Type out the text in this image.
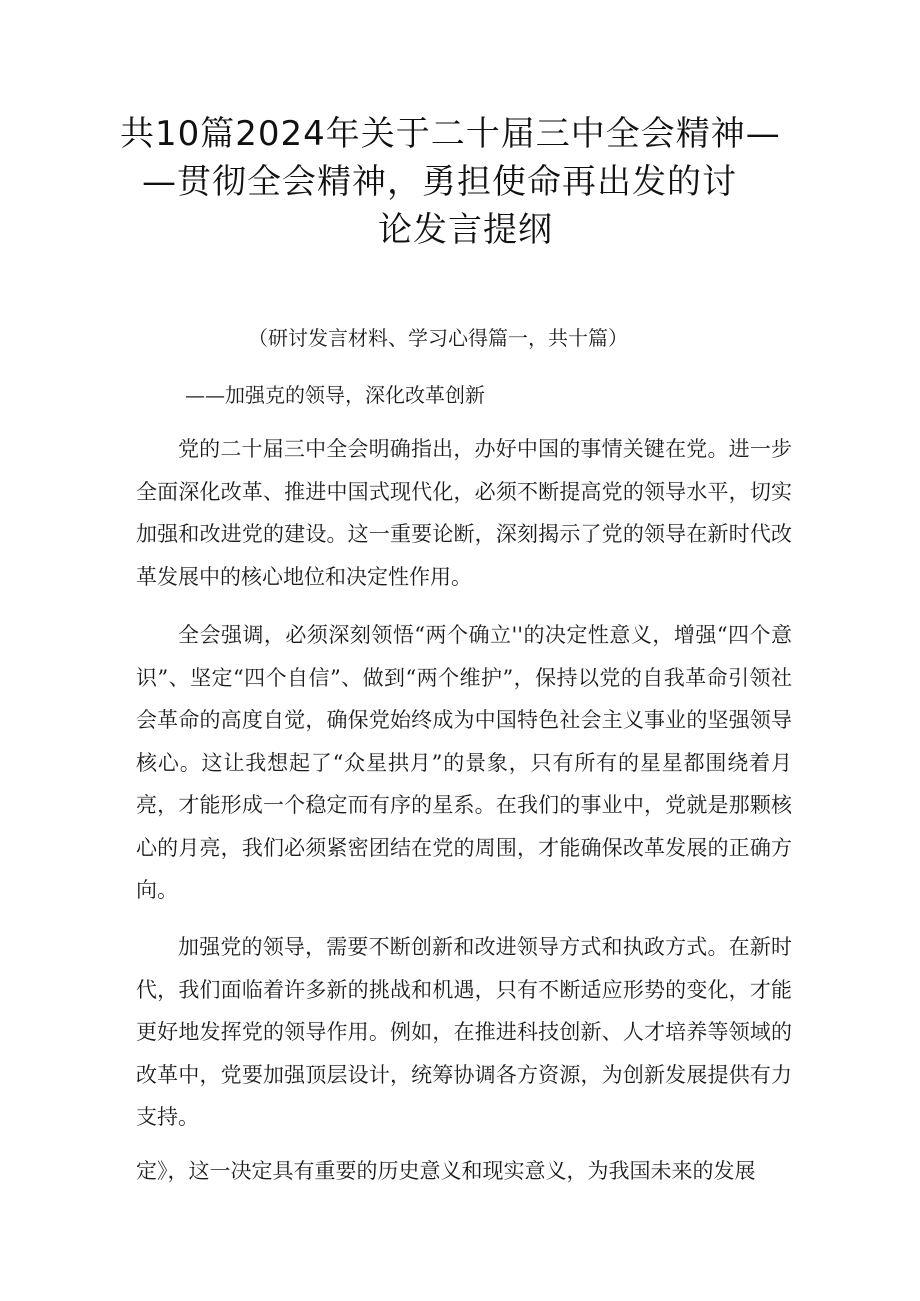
共10篇2024年关于二十届三中全会精神—
—贯彻全会精神，勇担使命再出发的讨
论发言提纲
（研讨发言材料、学习心得篇一，共十篇）
——加强克的领导，深化改革创新

党的二十届三中全会明确指出，办好中国的事情关键在党。进一步全面深化改革、推进中国式现代化，必须不断提高党的领导水平，切实加强和改进党的建设。这一重要论断，深刻揭示了党的领导在新时代改革发展中的核心地位和决定性作用。

全会强调，必须深刻领悟“两个确立''的决定性意义，增强“四个意识”、坚定“四个自信”、做到“两个维护”，保持以党的自我革命引领社会革命的高度自觉，确保党始终成为中国特色社会主义事业的坚强领导核心。这让我想起了“众星拱月”的景象，只有所有的星星都围绕着月亮，才能形成一个稳定而有序的星系。在我们的事业中，党就是那颗核心的月亮，我们必须紧密团结在党的周围，才能确保改革发展的正确方向。

加强党的领导，需要不断创新和改进领导方式和执政方式。在新时代，我们面临着许多新的挑战和机遇，只有不断适应形势的变化，才能更好地发挥党的领导作用。例如，在推进科技创新、人才培养等领域的改革中，党要加强顶层设计，统筹协调各方资源，为创新发展提供有力支持。

定》，这一决定具有重要的历史意义和现实意义，为我国未来的发展
